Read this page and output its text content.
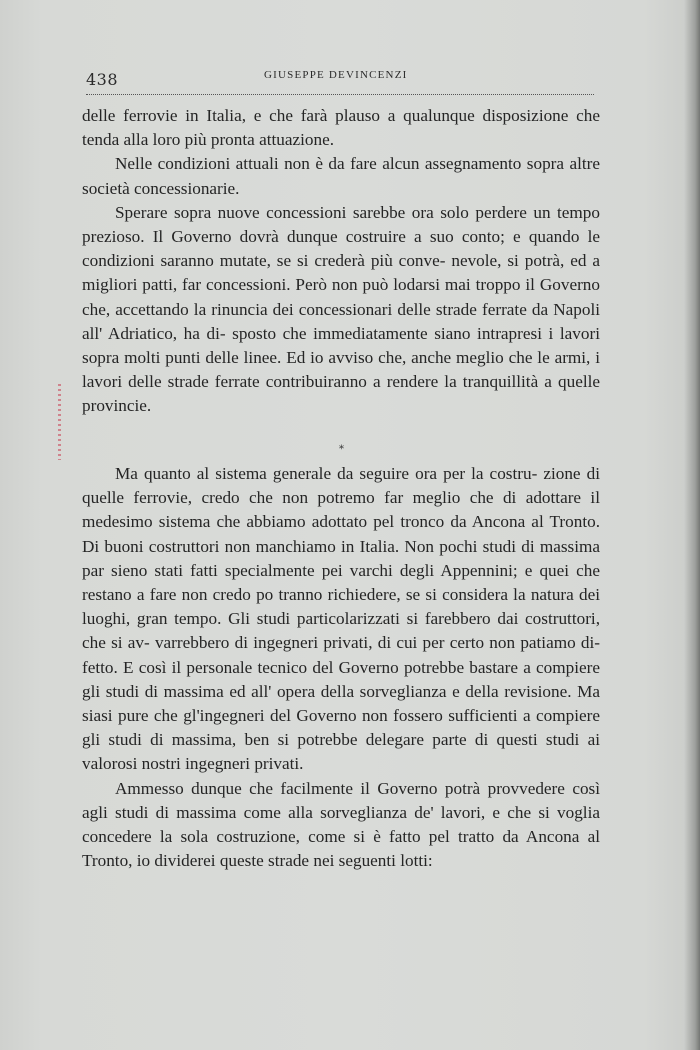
438	GIUSEPPE DEVINCENZI

delle ferrovie in Italia, e che farà plauso a qualunque disposizione che tenda alla loro più pronta attuazione.

Nelle condizioni attuali non è da fare alcun assegnamento sopra altre società concessionarie.

Sperare sopra nuove concessioni sarebbe ora solo perdere un tempo prezioso. Il Governo dovrà dunque costruire a suo conto; e quando le condizioni saranno mutate, se si crederà più conve- nevole, si potrà, ed a migliori patti, far concessioni. Però non può lodarsi mai troppo il Governo che, accettando la rinuncia dei concessionari delle strade ferrate da Napoli all' Adriatico, ha di- sposto che immediatamente siano intrapresi i lavori sopra molti punti delle linee. Ed io avviso che, anche meglio che le armi, i lavori delle strade ferrate contribuiranno a rendere la tranquillità a quelle provincie.

*

Ma quanto al sistema generale da seguire ora per la costru- zione di quelle ferrovie, credo che non potremo far meglio che di adottare il medesimo sistema che abbiamo adottato pel tronco da Ancona al Tronto. Di buoni costruttori non manchiamo in Italia. Non pochi studi di massima par sieno stati fatti specialmente pei varchi degli Appennini; e quei che restano a fare non credo po tranno richiedere, se si considera la natura dei luoghi, gran tempo. Gli studi particolarizzati si farebbero dai costruttori, che si av- varrebbero di ingegneri privati, di cui per certo non patiamo di- fetto. E così il personale tecnico del Governo potrebbe bastare a compiere gli studi di massima ed all' opera della sorveglianza e della revisione. Ma siasi pure che gl'ingegneri del Governo non fossero sufficienti a compiere gli studi di massima, ben si potrebbe delegare parte di questi studi ai valorosi nostri ingegneri privati.

Ammesso dunque che facilmente il Governo potrà provvedere così agli studi di massima come alla sorveglianza de' lavori, e che si voglia concedere la sola costruzione, come si è fatto pel tratto da Ancona al Tronto, io dividerei queste strade nei seguenti lotti:
